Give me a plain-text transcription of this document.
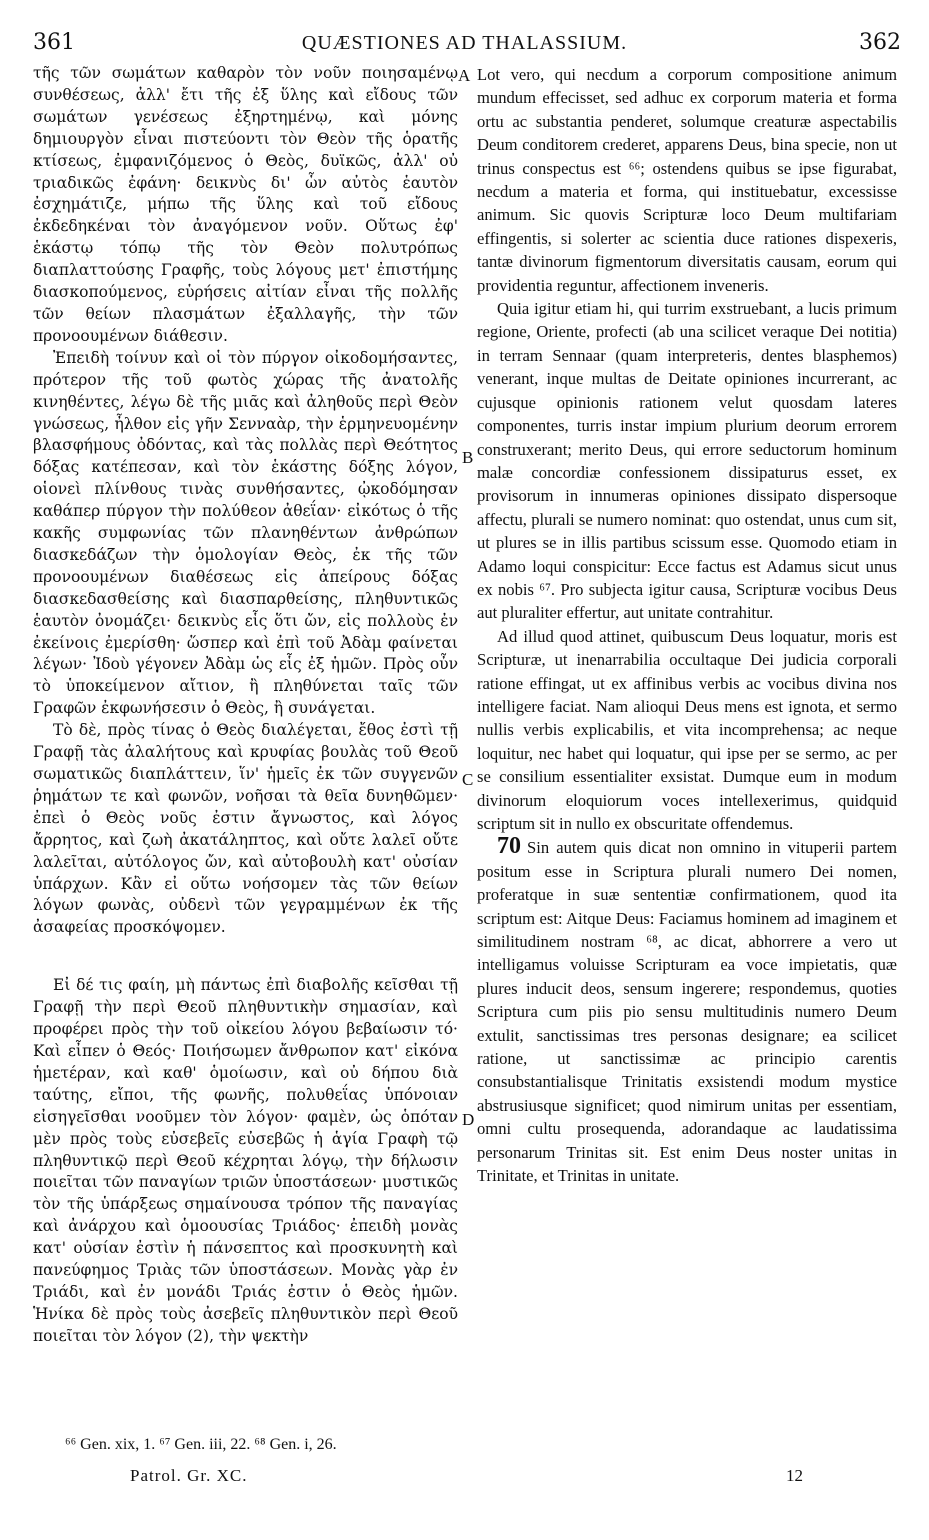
361	QUÆSTIONES AD THALASSIUM.	362

τῆς τῶν σωμάτων καθαρὸν τὸν νοῦν ποιησαμένῳ συνθέσεως, ἀλλ' ἔτι τῆς ἐξ ὕλης καὶ εἴδους τῶν σωμάτων γενέσεως ἐξηρτημένῳ, καὶ μόνης δημιουργὸν εἶναι πιστεύοντι τὸν Θεὸν τῆς ὁρατῆς κτίσεως, ἐμφανιζόμενος ὁ Θεὸς, δυϊκῶς, ἀλλ' οὐ τριαδικῶς ἐφάνη· δεικνὺς δι' ὧν αὐτὸς ἑαυτὸν ἐσχημάτιζε, μήπω τῆς ὕλης καὶ τοῦ εἴδους ἐκδεδηκέναι τὸν ἀναγόμενον νοῦν. Οὕτως ἐφ' ἑκάστῳ τόπῳ τῆς τὸν Θεὸν πολυτρόπως διαπλαττούσης Γραφῆς, τοὺς λόγους μετ' ἐπιστήμης διασκοπούμενος, εὑρήσεις αἰτίαν εἶναι τῆς πολλῆς τῶν θείων πλασμάτων ἐξαλλαγῆς, τὴν τῶν προνοουμένων διάθεσιν.

Ἐπειδὴ τοίνυν καὶ οἱ τὸν πύργον οἰκοδομήσαντες, πρότερον τῆς τοῦ φωτὸς χώρας τῆς ἀνατολῆς κινηθέντες, λέγω δὲ τῆς μιᾶς καὶ ἀληθοῦς περὶ Θεὸν γνώσεως, ἦλθον εἰς γῆν Σενναὰρ, τὴν ἑρμηνευομένην βλασφήμους ὀδόντας, καὶ τὰς πολλὰς περὶ Θεότητος δόξας κατέπεσαν, καὶ τὸν ἑκάστης δόξης λόγον, οἱονεὶ πλίνθους τινὰς συνθήσαντες, ᾠκοδόμησαν καθάπερ πύργον τὴν πολύθεον ἀθεΐαν· εἰκότως ὁ τῆς κακῆς συμφωνίας τῶν πλανηθέντων ἀνθρώπων διασκεδάζων τὴν ὁμολογίαν Θεὸς, ἐκ τῆς τῶν προνοουμένων διαθέσεως εἰς ἀπείρους δόξας διασκεδασθείσης καὶ διασπαρθείσης, πληθυντικῶς ἑαυτὸν ὀνομάζει· δεικνὺς εἷς ὅτι ὤν, εἰς πολλοὺς ἐν ἐκείνοις ἐμερίσθη· ὥσπερ καὶ ἐπὶ τοῦ Ἀδὰμ φαίνεται λέγων· Ἰδοὺ γέγονεν Ἀδὰμ ὡς εἷς ἐξ ἡμῶν. Πρὸς οὖν τὸ ὑποκείμενον αἴτιον, ἢ πληθύνεται ταῖς τῶν Γραφῶν ἐκφωνήσεσιν ὁ Θεὸς, ἢ συνάγεται.

Τὸ δὲ, πρὸς τίνας ὁ Θεὸς διαλέγεται, ἔθος ἐστὶ τῇ Γραφῇ τὰς ἀλαλήτους καὶ κρυφίας βουλὰς τοῦ Θεοῦ σωματικῶς διαπλάττειν, ἵν' ἡμεῖς ἐκ τῶν συγγενῶν ῥημάτων τε καὶ φωνῶν, νοῆσαι τὰ θεῖα δυνηθῶμεν· ἐπεὶ ὁ Θεὸς νοῦς ἐστιν ἄγνωστος, καὶ λόγος ἄρρητος, καὶ ζωὴ ἀκατάληπτος, καὶ οὔτε λαλεῖ οὔτε λαλεῖται, αὐτόλογος ὤν, καὶ αὐτοβουλὴ κατ' οὐσίαν ὑπάρχων. Κἂν εἰ οὕτω νοήσομεν τὰς τῶν θείων λόγων φωνὰς, οὐδενὶ τῶν γεγραμμένων ἐκ τῆς ἀσαφείας προσκόψομεν.

Εἰ δέ τις φαίη, μὴ πάντως ἐπὶ διαβολῆς κεῖσθαι τῇ Γραφῇ τὴν περὶ Θεοῦ πληθυντικὴν σημασίαν, καὶ προφέρει πρὸς τὴν τοῦ οἰκείου λόγου βεβαίωσιν τό· Καὶ εἶπεν ὁ Θεός· Ποιήσωμεν ἄνθρωπον κατ' εἰκόνα ἡμετέραν, καὶ καθ' ὁμοίωσιν, καὶ οὐ δήπου διὰ ταύτης, εἴποι, τῆς φωνῆς, πολυθεΐας ὑπόνοιαν εἰσηγεῖσθαι νοοῦμεν τὸν λόγον· φαμὲν, ὡς ὁπόταν μὲν πρὸς τοὺς εὐσεβεῖς εὐσεβῶς ἡ ἁγία Γραφὴ τῷ πληθυντικῷ περὶ Θεοῦ κέχρηται λόγῳ, τὴν δήλωσιν ποιεῖται τῶν παναγίων τριῶν ὑποστάσεων· μυστικῶς τὸν τῆς ὑπάρξεως σημαίνουσα τρόπον τῆς παναγίας καὶ ἀνάρχου καὶ ὁμοουσίας Τριάδος· ἐπειδὴ μονὰς κατ' οὐσίαν ἐστὶν ἡ πάνσεπτος καὶ προσκυνητὴ καὶ πανεύφημος Τριὰς τῶν ὑποστάσεων. Μονὰς γὰρ ἐν Τριάδι, καὶ ἐν μονάδι Τριάς ἐστιν ὁ Θεὸς ἡμῶν. Ἡνίκα δὲ πρὸς τοὺς ἀσεβεῖς πληθυντικὸν περὶ Θεοῦ ποιεῖται τὸν λόγον (2), τὴν ψεκτὴν

A
B
C
D

Lot vero, qui necdum a corporum compositione animum mundum effecisset, sed adhuc ex corporum materia et forma ortu ac substantia penderet, solumque creaturæ aspectabilis Deum conditorem crederet, apparens Deus, bina specie, non ut trinus conspectus est ⁶⁶; ostendens quibus se ipse figurabat, necdum a materia et forma, qui instituebatur, excessisse animum. Sic quovis Scripturæ loco Deum multifariam effingentis, si solerter ac scientia duce rationes dispexeris, tantæ divinorum figmentorum diversitatis causam, eorum qui providentia reguntur, affectionem inveneris.

Quia igitur etiam hi, qui turrim exstruebant, a lucis primum regione, Oriente, profecti (ab una scilicet veraque Dei notitia) in terram Sennaar (quam interpreteris, dentes blasphemos) venerant, inque multas de Deitate opiniones incurrerant, ac cujusque opinionis rationem velut quosdam lateres componentes, turris instar impium plurium deorum errorem construxerant; merito Deus, qui errore seductorum hominum malæ concordiæ confessionem dissipaturus esset, ex provisorum in innumeras opiniones dissipato dispersoque affectu, plurali se numero nominat: quo ostendat, unus cum sit, ut plures se in illis partibus scissum esse. Quomodo etiam in Adamo loqui conspicitur: Ecce factus est Adamus sicut unus ex nobis ⁶⁷. Pro subjecta igitur causa, Scripturæ vocibus Deus aut pluraliter effertur, aut unitate contrahitur.

Ad illud quod attinet, quibuscum Deus loquatur, moris est Scripturæ, ut inenarrabilia occultaque Dei judicia corporali ratione effingat, ut ex affinibus verbis ac vocibus divina nos intelligere faciat. Nam alioqui Deus mens est ignota, et sermo nullis verbis explicabilis, et vita incomprehensa; ac neque loquitur, nec habet qui loquatur, qui ipse per se sermo, ac per se consilium essentialiter exsistat. Dumque eum in modum divinorum eloquiorum voces intellexerimus, quidquid scriptum sit in nullo ex obscuritate offendemus.

70 Sin autem quis dicat non omnino in vituperii partem positum esse in Scriptura plurali numero Dei nomen, proferatque in suæ sententiæ confirmationem, quod ita scriptum est: Aitque Deus: Faciamus hominem ad imaginem et similitudinem nostram ⁶⁸, ac dicat, abhorrere a vero ut intelligamus voluisse Scripturam ea voce impietatis, quæ plures inducit deos, sensum ingerere; respondemus, quoties Scriptura cum piis pio sensu multitudinis numero Deum extulit, sanctissimas tres personas designare; ea scilicet ratione, ut sanctissimæ ac principio carentis consubstantialisque Trinitatis exsistendi modum mystice abstrusiusque significet; quod nimirum unitas per essentiam, omni cultu prosequenda, adorandaque ac laudatissima personarum Trinitas sit. Est enim Deus noster unitas in Trinitate, et Trinitas in unitate.

⁶⁶ Gen. xix, 1. ⁶⁷ Gen. iii, 22. ⁶⁸ Gen. i, 26.
Patrol. Gr. XC.	12
